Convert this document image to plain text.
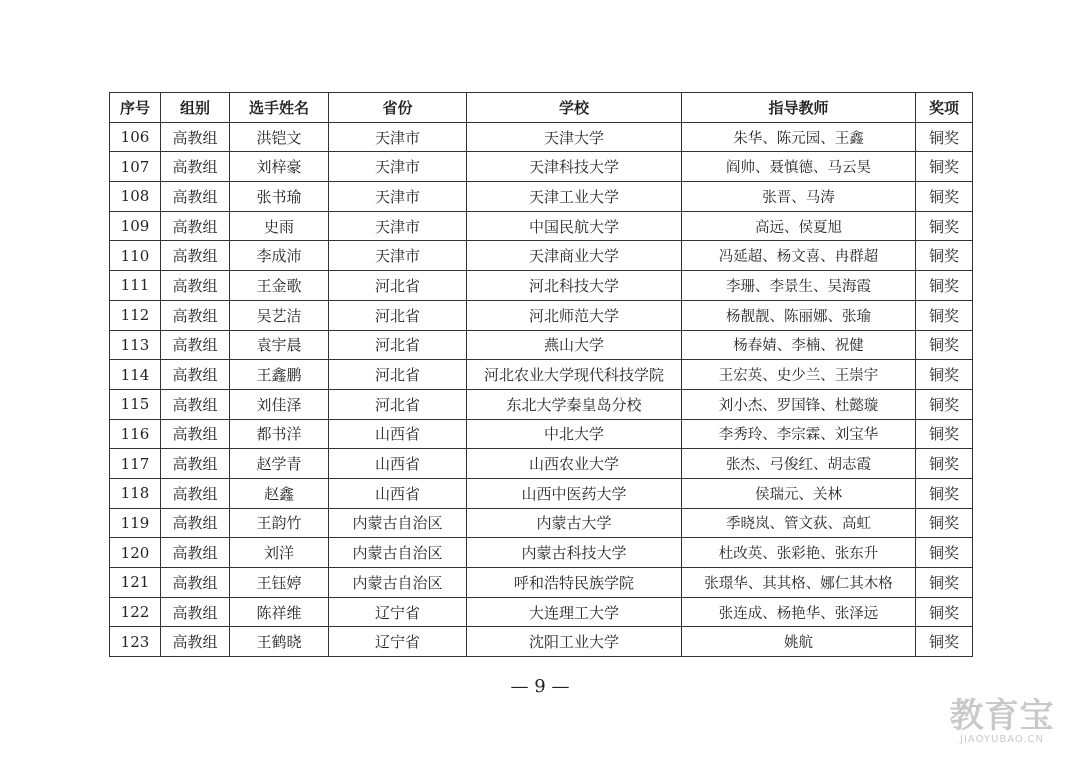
序号	组别	选手姓名	省份	学校	指导教师	奖项
106	高教组	洪铠文	天津市	天津大学	朱华、陈元园、王鑫	铜奖
107	高教组	刘梓豪	天津市	天津科技大学	阎帅、聂慎德、马云昊	铜奖
108	高教组	张书瑜	天津市	天津工业大学	张晋、马涛	铜奖
109	高教组	史雨	天津市	中国民航大学	高远、侯夏旭	铜奖
110	高教组	李成沛	天津市	天津商业大学	冯延超、杨文喜、冉群超	铜奖
111	高教组	王金歌	河北省	河北科技大学	李珊、李景生、吴海霞	铜奖
112	高教组	吴艺洁	河北省	河北师范大学	杨靓靓、陈丽娜、张瑜	铜奖
113	高教组	袁宇晨	河北省	燕山大学	杨春婧、李楠、祝健	铜奖
114	高教组	王鑫鹏	河北省	河北农业大学现代科技学院	王宏英、史少兰、王崇宇	铜奖
115	高教组	刘佳泽	河北省	东北大学秦皇岛分校	刘小杰、罗国锋、杜懿璇	铜奖
116	高教组	都书洋	山西省	中北大学	李秀玲、李宗霖、刘宝华	铜奖
117	高教组	赵学青	山西省	山西农业大学	张杰、弓俊红、胡志霞	铜奖
118	高教组	赵鑫	山西省	山西中医药大学	侯瑞元、关林	铜奖
119	高教组	王韵竹	内蒙古自治区	内蒙古大学	季晓岚、管文荻、高虹	铜奖
120	高教组	刘洋	内蒙古自治区	内蒙古科技大学	杜改英、张彩艳、张东升	铜奖
121	高教组	王钰婷	内蒙古自治区	呼和浩特民族学院	张璟华、其其格、娜仁其木格	铜奖
122	高教组	陈祥维	辽宁省	大连理工大学	张连成、杨艳华、张泽远	铜奖
123	高教组	王鹤晓	辽宁省	沈阳工业大学	姚航	铜奖
— 9 —
教育宝
JIAOYUBAO.CN
